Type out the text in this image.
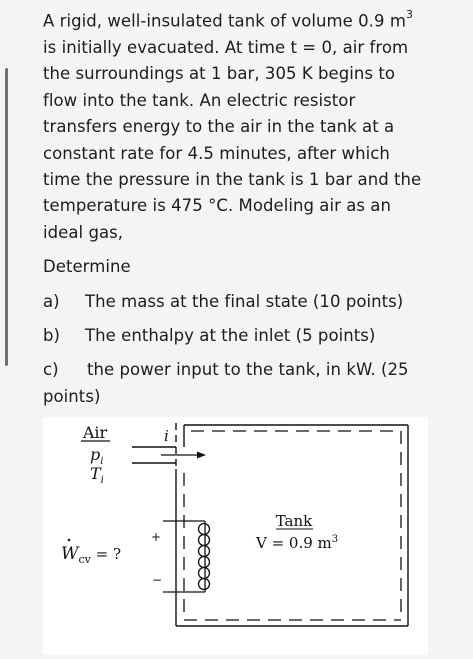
A rigid, well-insulated tank of volume 0.9 $m^3$
is initially evacuated. At time t = 0, air from
the surroundings at 1 bar, 305 K begins to
flow into the tank. An electric resistor
transfers energy to the air in the tank at a
constant rate for 4.5 minutes, after which
time the pressure in the tank is 1 bar and the
temperature is 475 °C. Modeling air as an
ideal gas,
Determine
a)	The mass at the final state (10 points)
b)	The enthalpy at the inlet (5 points)
c)	the power input to the tank, in kW. (25
points)
Air
$p_i$
$T_i$
i
+
−
$W_{cv}$ = ?
Tank
V = 0.9 $m^3$
